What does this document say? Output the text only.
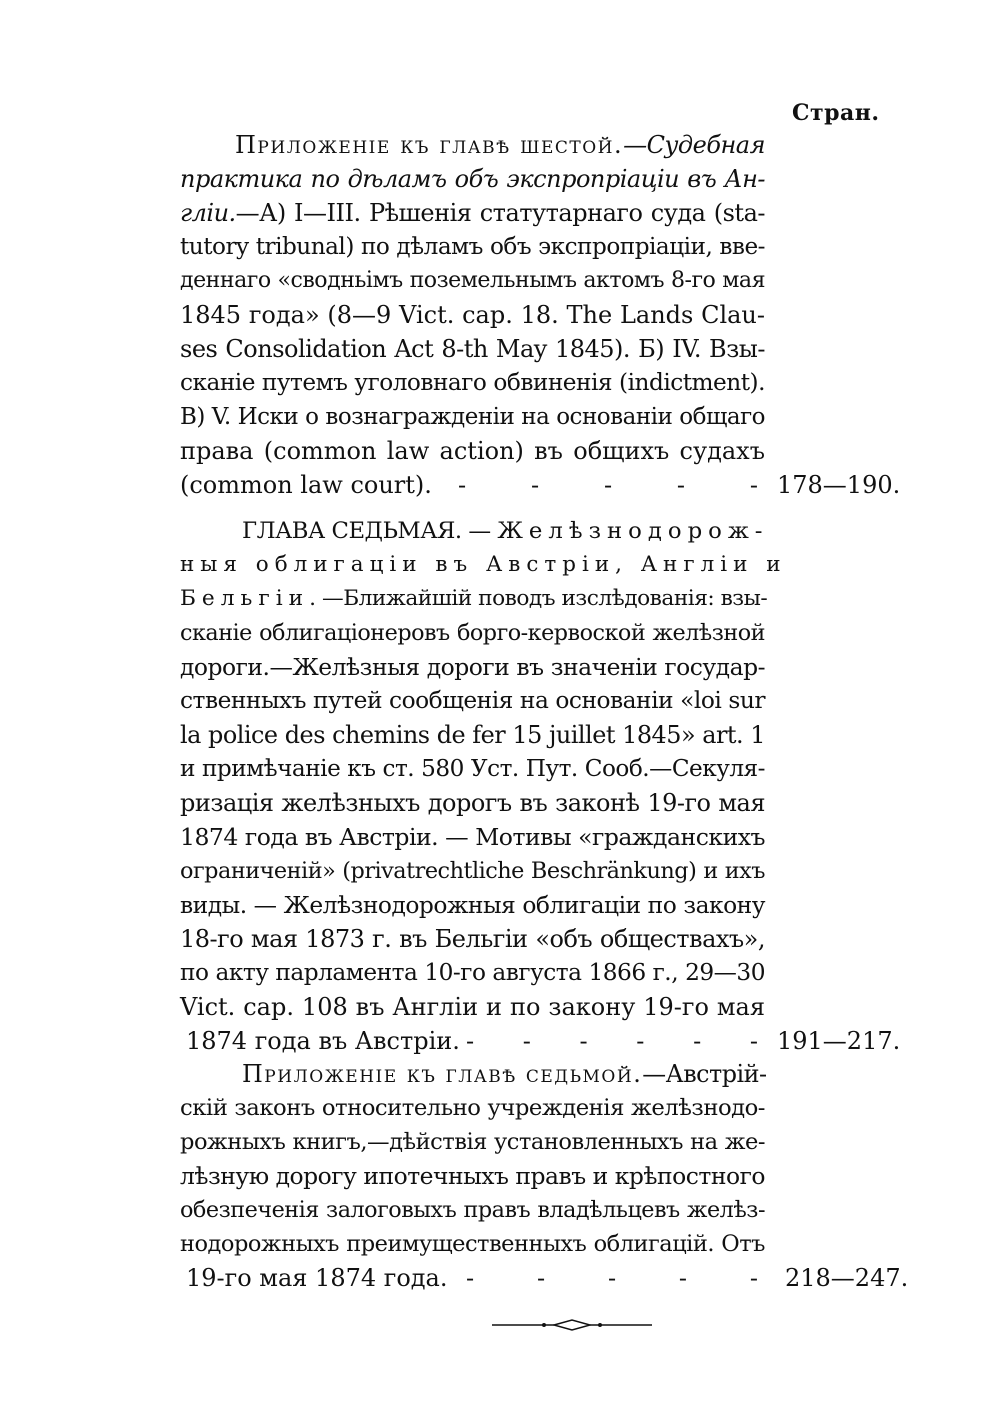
Стран.
Приложеніе къ главѣ шестой.—Судебная
практика по дѣламъ объ экспропріаціи въ Ан-
гліи.—А) I—III. Рѣшенія статутарнаго суда (sta-
tutory tribunal) по дѣламъ объ экспропріаціи, вве-
деннаго «сводньімъ поземельнымъ актомъ 8-го мая
1845 года» (8—9 Vict. cap. 18. The Lands Clau-
ses Consolidation Act 8-th May 1845). Б) IV. Взы-
сканіе путемъ уголовнаго обвиненія (indictment).
В) V. Иски о вознагражденіи на основаніи общаго
права (common law action) въ общихъ судахъ
(common law court). -	-	-	-	- 178—190.
ГЛАВА СЕДЬМАЯ. — Желѣзнодорож-
ныя облигаціи въ Австріи, Англіи и
Бельгіи.—Ближайшій поводъ изслѣдованія: взы-
сканіе облигаціонеровъ борго-кервоской желѣзной
дороги.—Желѣзныя дороги въ значеніи государ-
ственныхъ путей сообщенія на основаніи «loi sur
la police des chemins de fer 15 juillet 1845» art. 1
и примѣчаніе къ ст. 580 Уст. Пут. Сооб.—Секуля-
ризація желѣзныхъ дорогъ въ законѣ 19-го мая
1874 года въ Австріи. — Мотивы «гражданскихъ
ограниченій» (privatrechtliche Beschränkung) и ихъ
виды. — Желѣзнодорожныя облигаціи по закону
18-го мая 1873 г. въ Бельгіи «объ обществахъ»,
по акту парламента 10-го августа 1866 г., 29—30
Vict. cap. 108 въ Англіи и по закону 19-го мая
1874 года въ Австріи. - - - - - - 191—217.
Приложеніе къ главѣ седьмой.—Австрій-
скій законъ относительно учрежденія желѣзнодо-
рожныхъ книгъ,—дѣйствія установленныхъ на же-
лѣзную дорогу ипотечныхъ правъ и крѣпостного
обезпеченія залоговыхъ правъ владѣльцевъ желѣз-
нодорожныхъ преимущественныхъ облигацій. Отъ
19-го мая 1874 года. -	-	-	-	- 218—247.
